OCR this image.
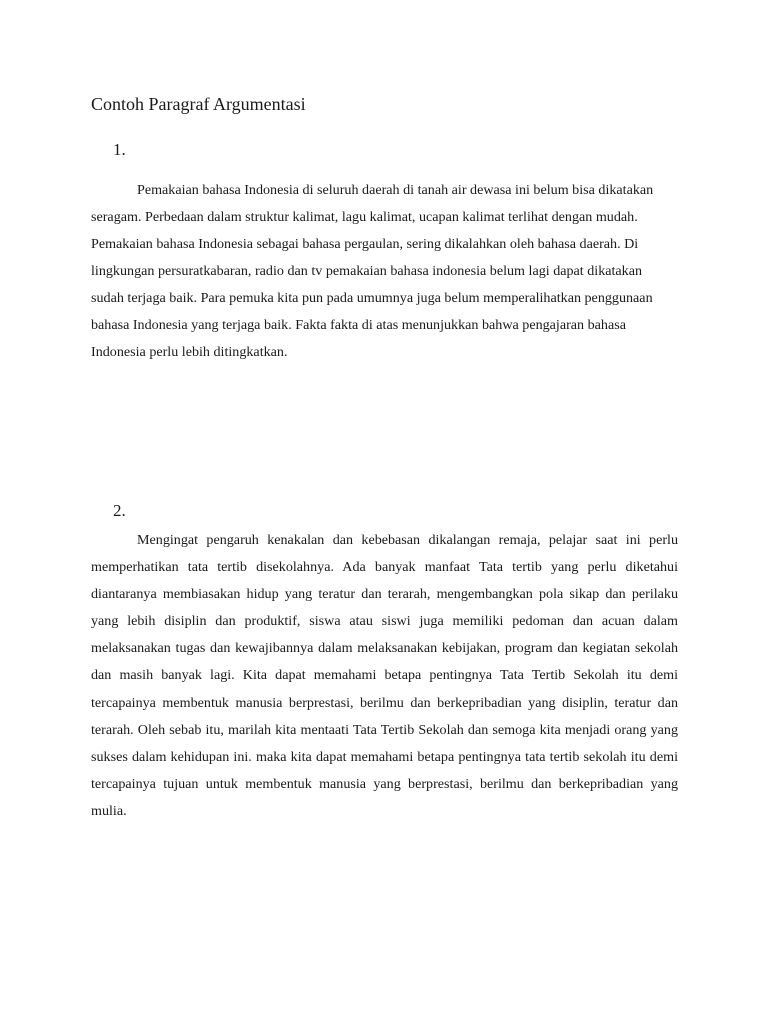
Contoh Paragraf Argumentasi
1.

Pemakaian bahasa Indonesia di seluruh daerah di tanah air dewasa ini belum bisa dikatakan seragam. Perbedaan dalam struktur kalimat, lagu kalimat, ucapan kalimat terlihat dengan mudah. Pemakaian bahasa Indonesia sebagai bahasa pergaulan, sering dikalahkan oleh bahasa daerah. Di lingkungan persuratkabaran, radio dan tv pemakaian bahasa indonesia belum lagi dapat dikatakan sudah terjaga baik. Para pemuka kita pun pada umumnya juga belum memperalihatkan penggunaan bahasa Indonesia yang terjaga baik. Fakta fakta di atas menunjukkan bahwa pengajaran bahasa Indonesia perlu lebih ditingkatkan.

2.

Mengingat pengaruh kenakalan dan kebebasan dikalangan remaja, pelajar saat ini perlu memperhatikan tata tertib disekolahnya. Ada banyak manfaat Tata tertib yang perlu diketahui diantaranya membiasakan hidup yang teratur dan terarah, mengembangkan pola sikap dan perilaku yang lebih disiplin dan produktif, siswa atau siswi juga memiliki pedoman dan acuan dalam melaksanakan tugas dan kewajibannya dalam melaksanakan kebijakan, program dan kegiatan sekolah dan masih banyak lagi. Kita dapat memahami betapa pentingnya Tata Tertib Sekolah itu demi tercapainya membentuk manusia berprestasi, berilmu dan berkepribadian yang disiplin, teratur dan terarah. Oleh sebab itu, marilah kita mentaati Tata Tertib Sekolah dan semoga kita menjadi orang yang sukses dalam kehidupan ini. maka kita dapat memahami betapa pentingnya tata tertib sekolah itu demi tercapainya tujuan untuk membentuk manusia yang berprestasi, berilmu dan berkepribadian yang mulia.
